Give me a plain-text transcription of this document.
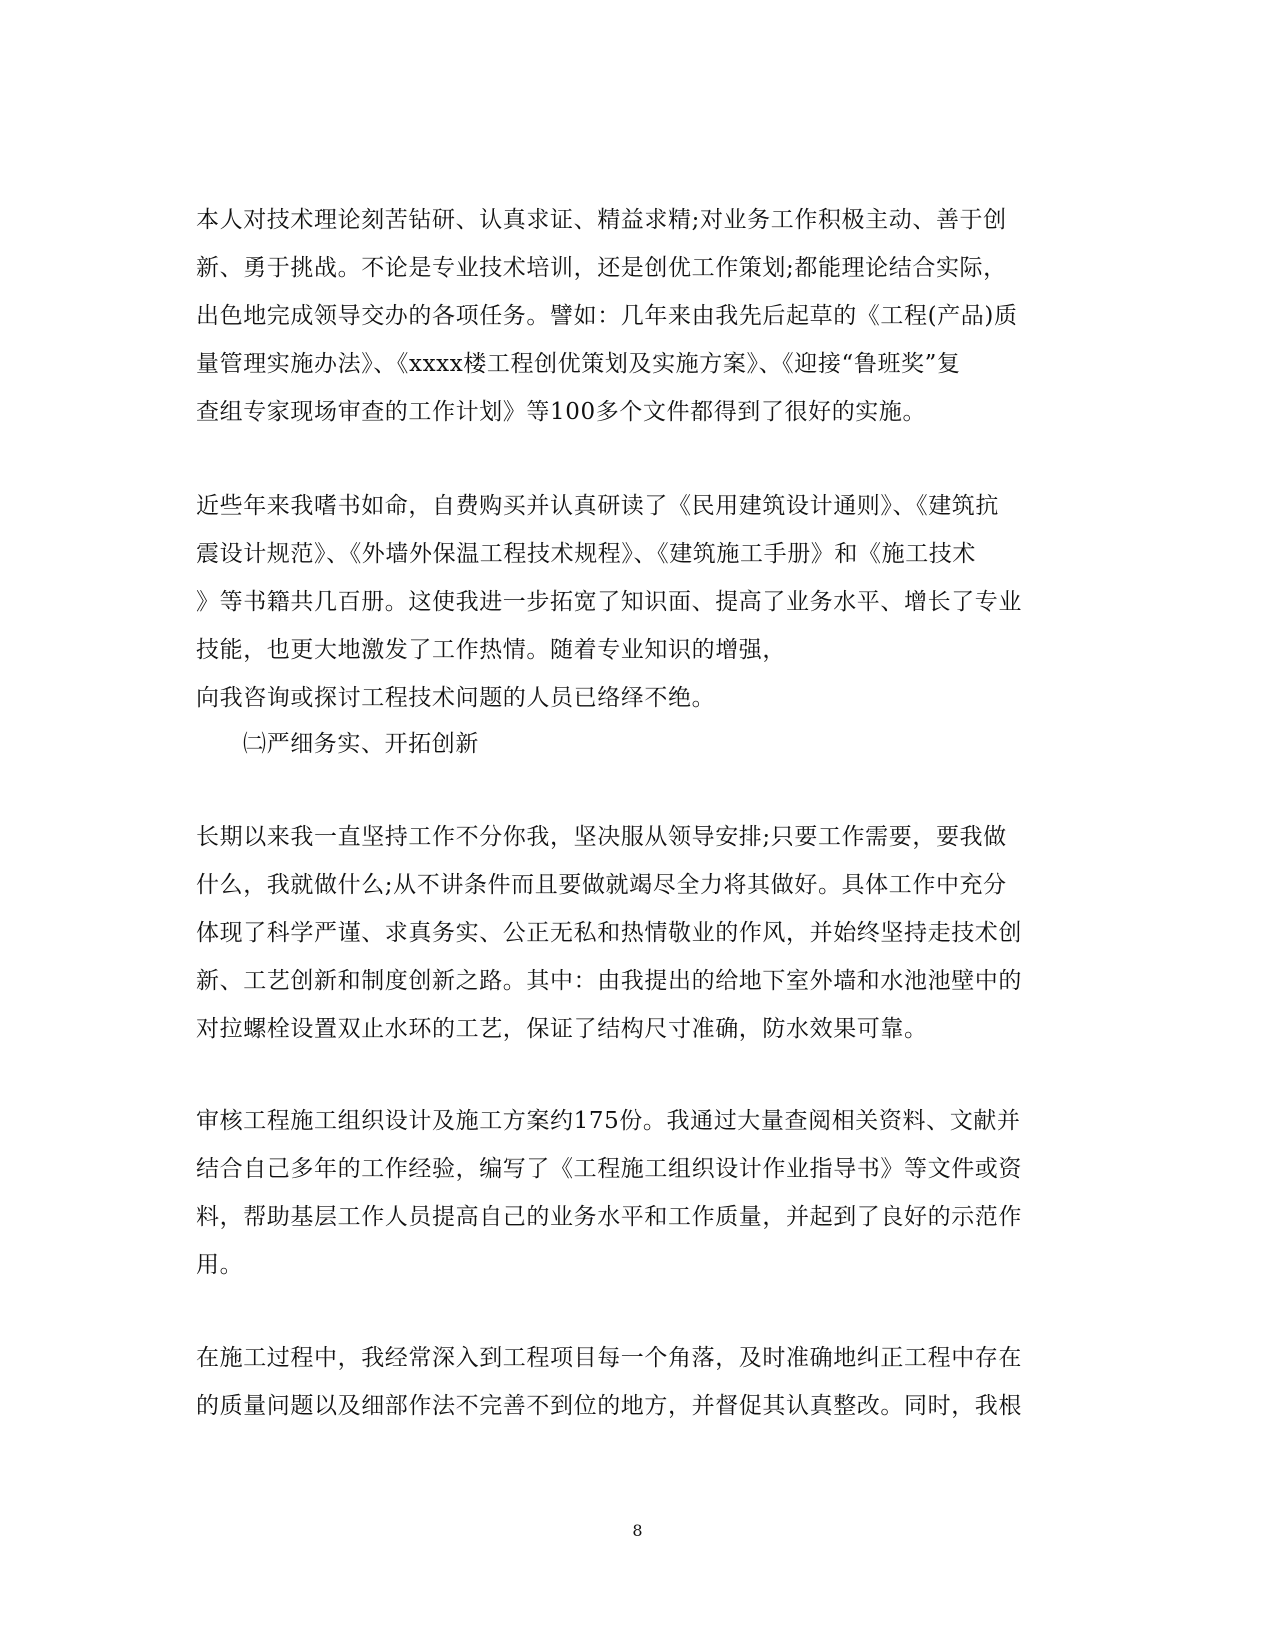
本人对技术理论刻苦钻研、认真求证、精益求精;对业务工作积极主动、善于创
新、勇于挑战。不论是专业技术培训，还是创优工作策划;都能理论结合实际，
出色地完成领导交办的各项任务。譬如：几年来由我先后起草的《工程(产品)质
量管理实施办法》、《xxxx楼工程创优策划及实施方案》、《迎接“鲁班奖”复
查组专家现场审查的工作计划》等100多个文件都得到了很好的实施。
近些年来我嗜书如命，自费购买并认真研读了《民用建筑设计通则》、《建筑抗
震设计规范》、《外墙外保温工程技术规程》、《建筑施工手册》和《施工技术
》等书籍共几百册。这使我进一步拓宽了知识面、提高了业务水平、增长了专业
技能，也更大地激发了工作热情。随着专业知识的增强，
向我咨询或探讨工程技术问题的人员已络绎不绝。
㈡严细务实、开拓创新
长期以来我一直坚持工作不分你我，坚决服从领导安排;只要工作需要，要我做
什么，我就做什么;从不讲条件而且要做就竭尽全力将其做好。具体工作中充分
体现了科学严谨、求真务实、公正无私和热情敬业的作风，并始终坚持走技术创
新、工艺创新和制度创新之路。其中：由我提出的给地下室外墙和水池池壁中的
对拉螺栓设置双止水环的工艺，保证了结构尺寸准确，防水效果可靠。
审核工程施工组织设计及施工方案约175份。我通过大量查阅相关资料、文献并
结合自己多年的工作经验，编写了《工程施工组织设计作业指导书》等文件或资
料，帮助基层工作人员提高自己的业务水平和工作质量，并起到了良好的示范作
用。
在施工过程中，我经常深入到工程项目每一个角落，及时准确地纠正工程中存在
的质量问题以及细部作法不完善不到位的地方，并督促其认真整改。同时，我根
8
